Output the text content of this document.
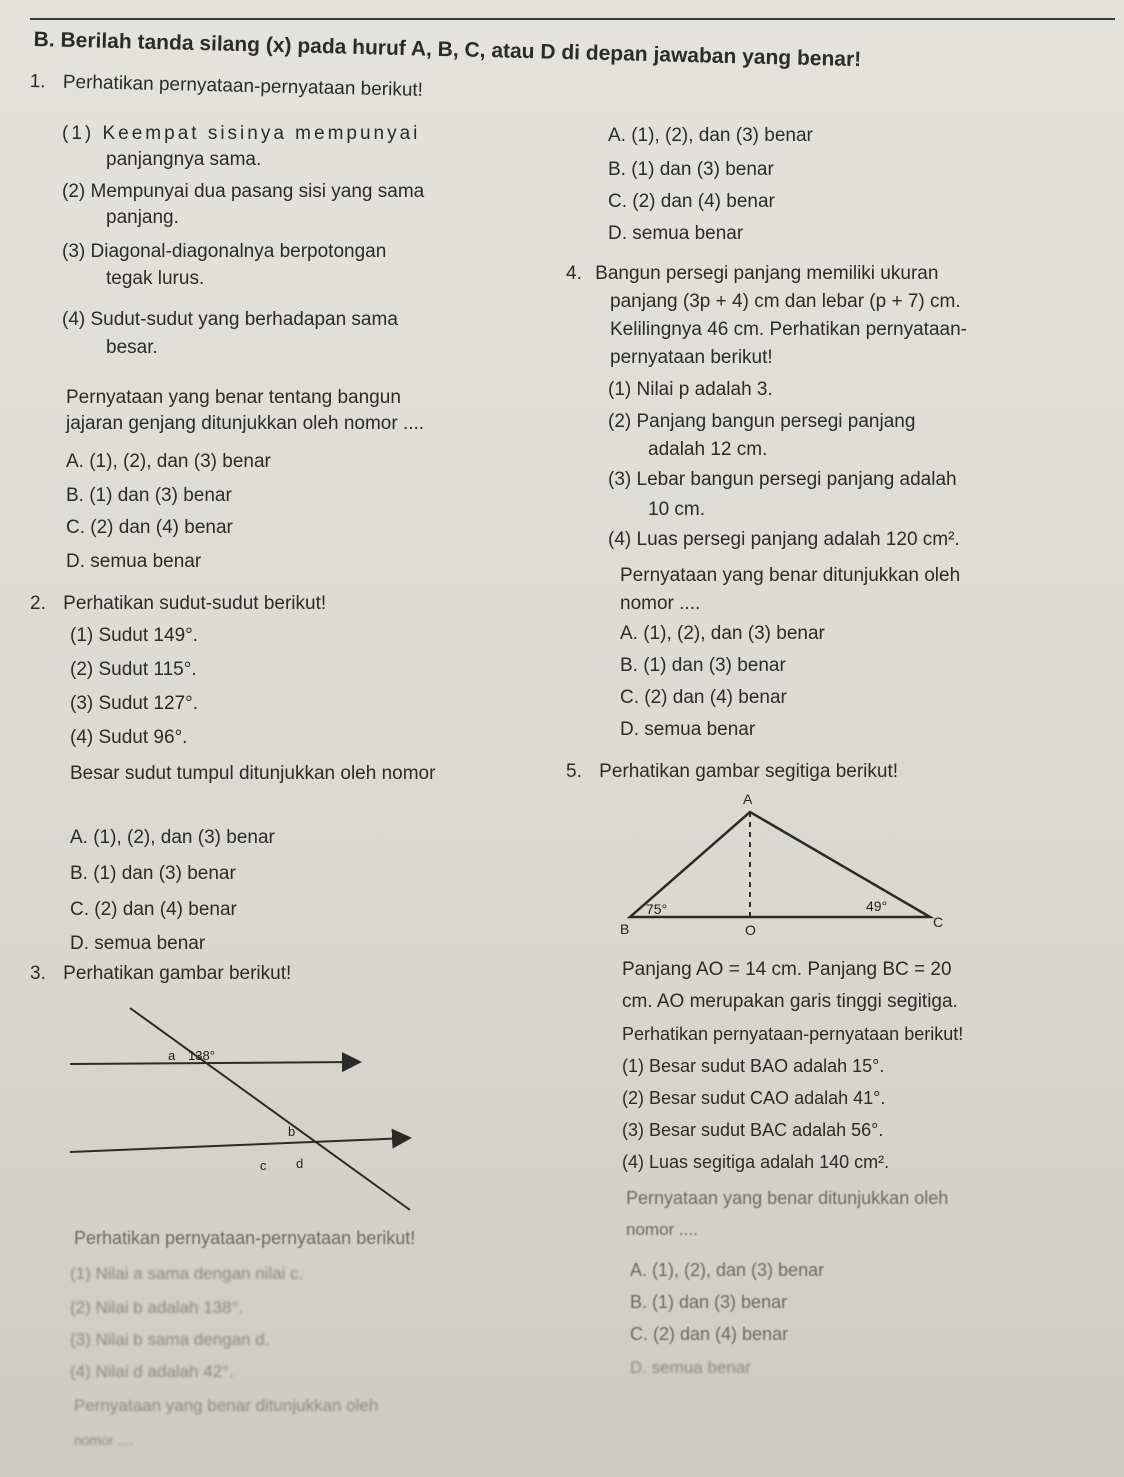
B. Berilah tanda silang (x) pada huruf A, B, C, atau D di depan jawaban yang benar!
1. Perhatikan pernyataan-pernyataan berikut!
(1) Keempat sisinya mempunyai
panjangnya sama.
(2) Mempunyai dua pasang sisi yang sama
panjang.
(3) Diagonal-diagonalnya berpotongan
tegak lurus.
(4) Sudut-sudut yang berhadapan sama
besar.
Pernyataan yang benar tentang bangun
jajaran genjang ditunjukkan oleh nomor ....
A. (1), (2), dan (3) benar
B. (1) dan (3) benar
C. (2) dan (4) benar
D. semua benar
A. (1), (2), dan (3) benar
B. (1) dan (3) benar
C. (2) dan (4) benar
D. semua benar
4. Bangun persegi panjang memiliki ukuran
panjang (3p + 4) cm dan lebar (p + 7) cm.
Kelilingnya 46 cm. Perhatikan pernyataan-
pernyataan berikut!
(1) Nilai p adalah 3.
(2) Panjang bangun persegi panjang
adalah 12 cm.
(3) Lebar bangun persegi panjang adalah
10 cm.
(4) Luas persegi panjang adalah 120 cm².
Pernyataan yang benar ditunjukkan oleh
nomor ....
A. (1), (2), dan (3) benar
B. (1) dan (3) benar
C. (2) dan (4) benar
D. semua benar
2. Perhatikan sudut-sudut berikut!
(1) Sudut 149°.
(2) Sudut 115°.
(3) Sudut 127°.
(4) Sudut 96°.
Besar sudut tumpul ditunjukkan oleh nomor
A. (1), (2), dan (3) benar
B. (1) dan (3) benar
C. (2) dan (4) benar
D. semua benar
5. Perhatikan gambar segitiga berikut!
A
B	C
O
75°	49°
Panjang AO = 14 cm. Panjang BC = 20
cm. AO merupakan garis tinggi segitiga.
Perhatikan pernyataan-pernyataan berikut!
(1) Besar sudut BAO adalah 15°.
(2) Besar sudut CAO adalah 41°.
(3) Besar sudut BAC adalah 56°.
(4) Luas segitiga adalah 140 cm².
Pernyataan yang benar ditunjukkan oleh
nomor ....
3. Perhatikan gambar berikut!
a 138°
b
c d
Perhatikan pernyataan-pernyataan berikut!
(1) Nilai a sama dengan nilai c.
(2) Nilai b adalah 138°.
(3) Nilai b sama dengan d.
(4) Nilai d adalah 42°.
Pernyataan yang benar ditunjukkan oleh
nomor ....
A. (1), (2), dan (3) benar
B. (1) dan (3) benar
C. (2) dan (4) benar
D. semua benar
